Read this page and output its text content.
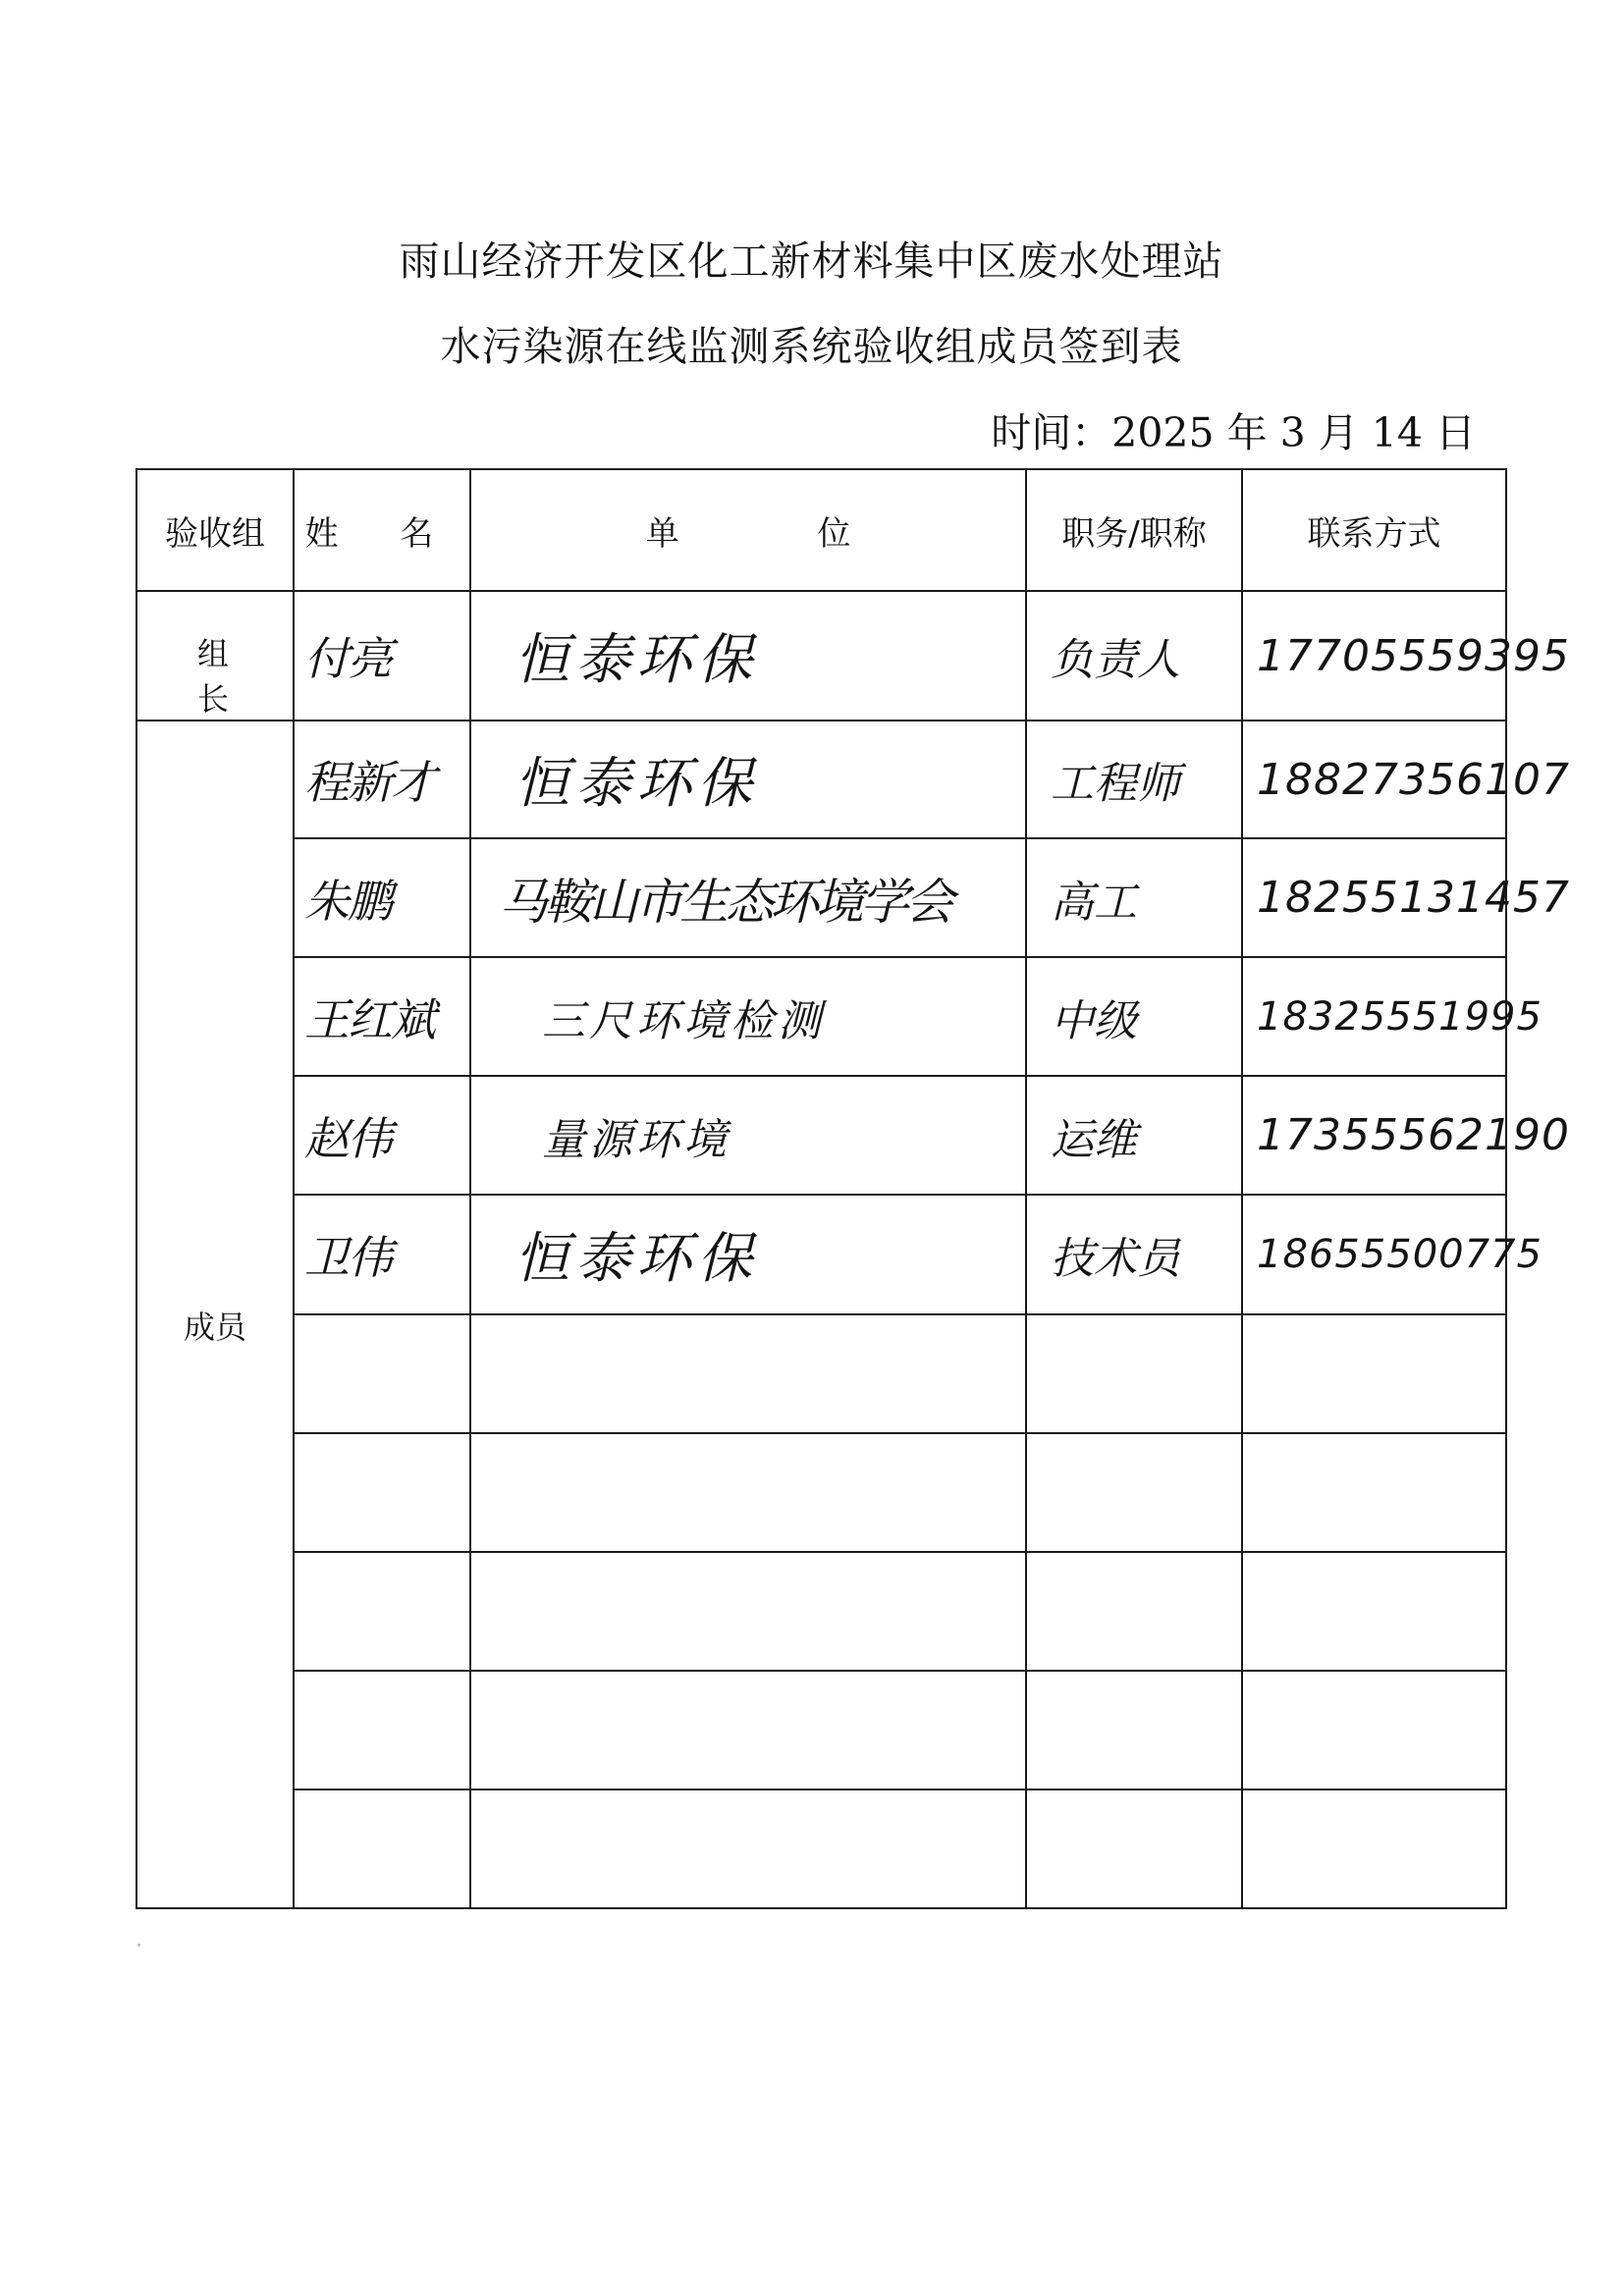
雨山经济开发区化工新材料集中区废水处理站
水污染源在线监测系统验收组成员签到表
时间：2025 年 3 月 14 日
验收组	姓 名	单 位	职务/职称	联系方式

组 长	付亮	恒泰环保	负责人	17705559395

成员	程新才	恒泰环保	工程师	18827356107

	朱鹏	马鞍山市生态环境学会	高工	18255131457

	王红斌	三尺环境检测	中级	18325551995

	赵伟	量源环境	运维	17355562190

	卫伟	恒泰环保	技术员	18655500775
